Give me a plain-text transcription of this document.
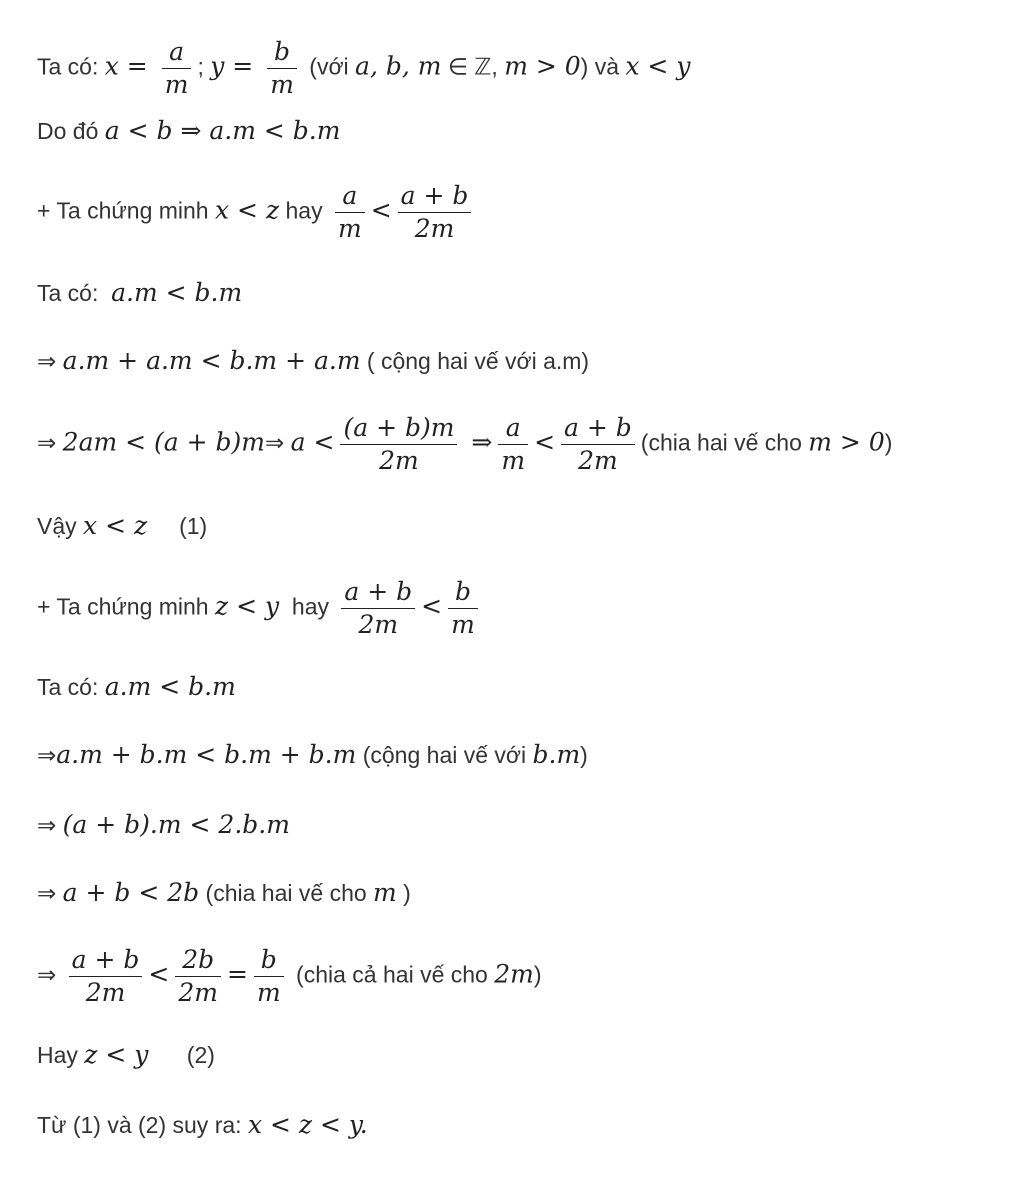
Ta có: $x = \frac{a}{m}$ ; $y = \frac{b}{m}$ (với a, b, m ∈ ℤ, m > 0) và x < y
Do đó a < b ⇒ a.m < b.m
+ Ta chứng minh x < z hay $\frac{a}{m} < \frac{a + b}{2m}$
Ta có:  a.m < b.m
⇒ a.m + a.m < b.m + a.m ( cộng hai vế với a.m)
⇒ 2am < (a + b)m⇒ $a < \frac{(a + b)m}{2m}$ ⇒ $\frac{a}{m} < \frac{a + b}{2m}$ (chia hai vế cho m > 0)
Vậy x < z     (1)
+ Ta chứng minh z < y  hay $\frac{a + b}{2m} < \frac{b}{m}$
Ta có: a.m < b.m
⇒a.m + b.m < b.m + b.m (cộng hai vế với b.m)
⇒ (a + b).m < 2.b.m
⇒ a + b < 2b (chia hai vế cho m )
⇒ $\frac{a + b}{2m} < \frac{2b}{2m} = \frac{b}{m}$ (chia cả hai vế cho 2m)
Hay z < y      (2)
Từ (1) và (2) suy ra: x < z < y.
